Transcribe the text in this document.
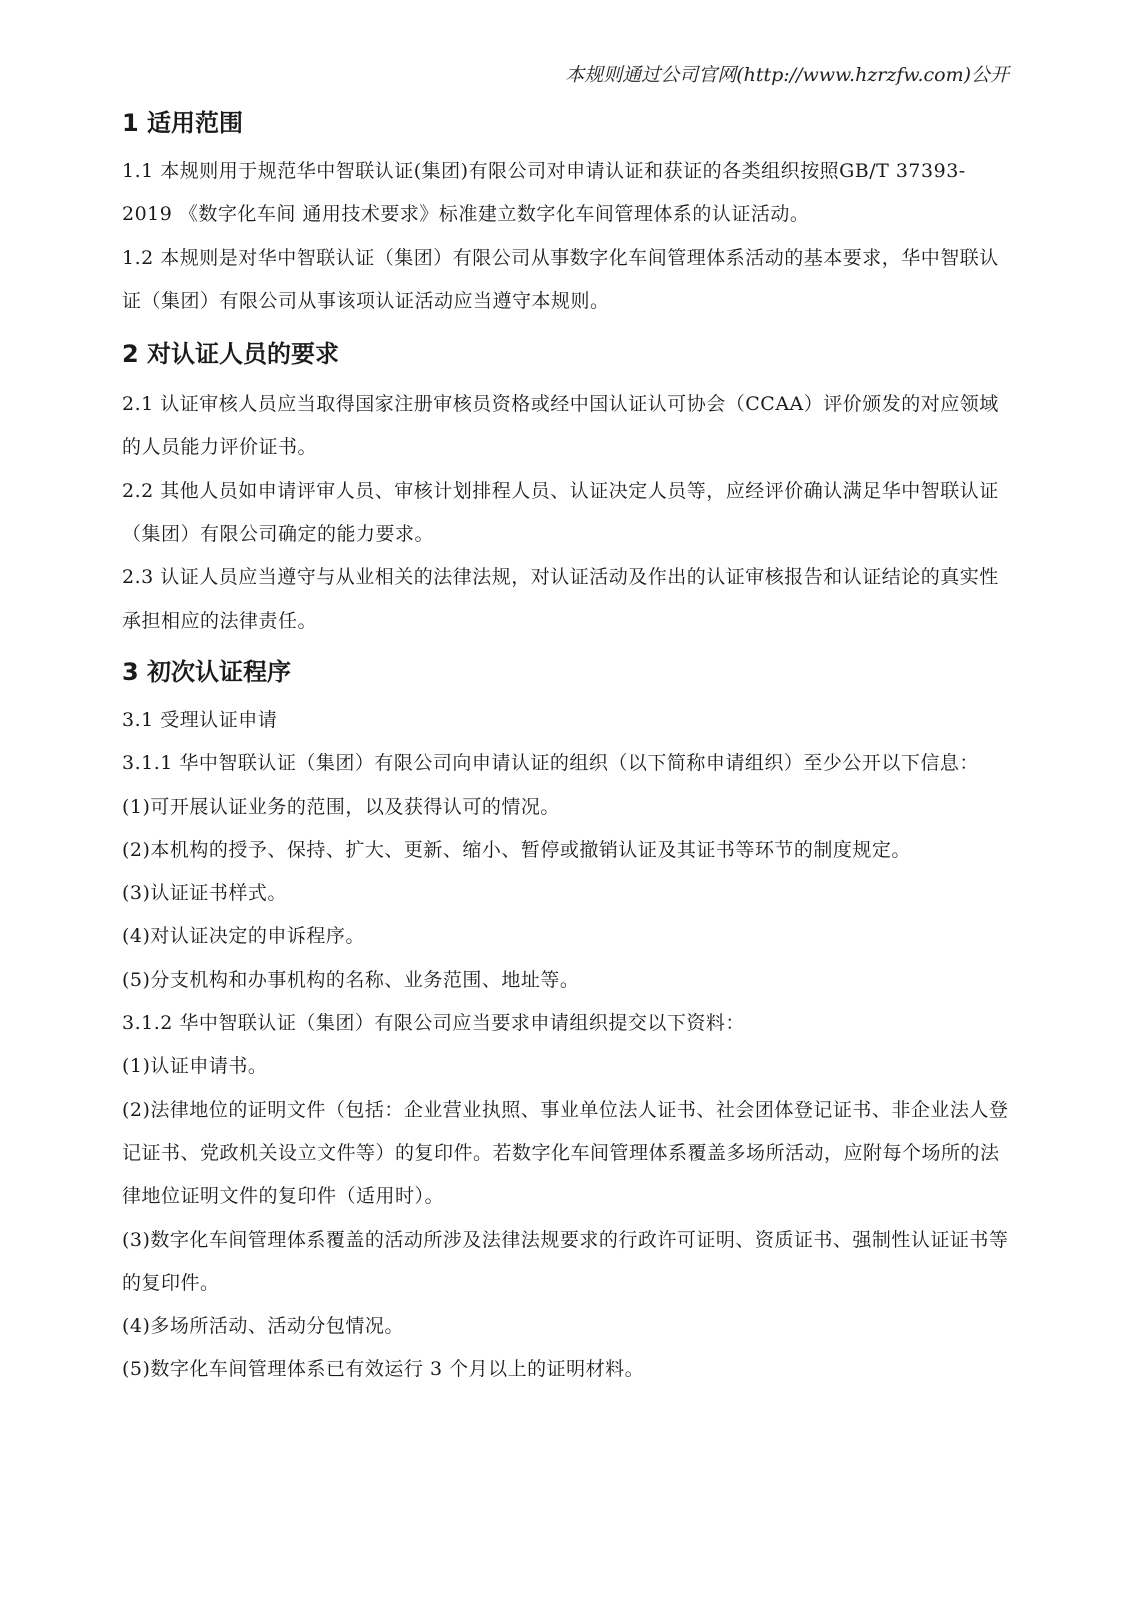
本规则通过公司官网(http://www.hzrzfw.com)公开
1 适用范围

1.1 本规则用于规范华中智联认证(集团)有限公司对申请认证和获证的各类组织按照GB/T 37393-2019 《数字化车间 通用技术要求》标准建立数字化车间管理体系的认证活动。

1.2 本规则是对华中智联认证（集团）有限公司从事数字化车间管理体系活动的基本要求，华中智联认证（集团）有限公司从事该项认证活动应当遵守本规则。

2 对认证人员的要求

2.1 认证审核人员应当取得国家注册审核员资格或经中国认证认可协会（CCAA）评价颁发的对应领域的人员能力评价证书。

2.2 其他人员如申请评审人员、审核计划排程人员、认证决定人员等，应经评价确认满足华中智联认证（集团）有限公司确定的能力要求。

2.3 认证人员应当遵守与从业相关的法律法规，对认证活动及作出的认证审核报告和认证结论的真实性承担相应的法律责任。

3 初次认证程序

3.1 受理认证申请

3.1.1 华中智联认证（集团）有限公司向申请认证的组织（以下简称申请组织）至少公开以下信息：

(1)可开展认证业务的范围，以及获得认可的情况。

(2)本机构的授予、保持、扩大、更新、缩小、暂停或撤销认证及其证书等环节的制度规定。

(3)认证证书样式。

(4)对认证决定的申诉程序。

(5)分支机构和办事机构的名称、业务范围、地址等。

3.1.2 华中智联认证（集团）有限公司应当要求申请组织提交以下资料：

(1)认证申请书。

(2)法律地位的证明文件（包括：企业营业执照、事业单位法人证书、社会团体登记证书、非企业法人登记证书、党政机关设立文件等）的复印件。若数字化车间管理体系覆盖多场所活动，应附每个场所的法律地位证明文件的复印件（适用时）。

(3)数字化车间管理体系覆盖的活动所涉及法律法规要求的行政许可证明、资质证书、强制性认证证书等的复印件。

(4)多场所活动、活动分包情况。

(5)数字化车间管理体系已有效运行 3 个月以上的证明材料。
